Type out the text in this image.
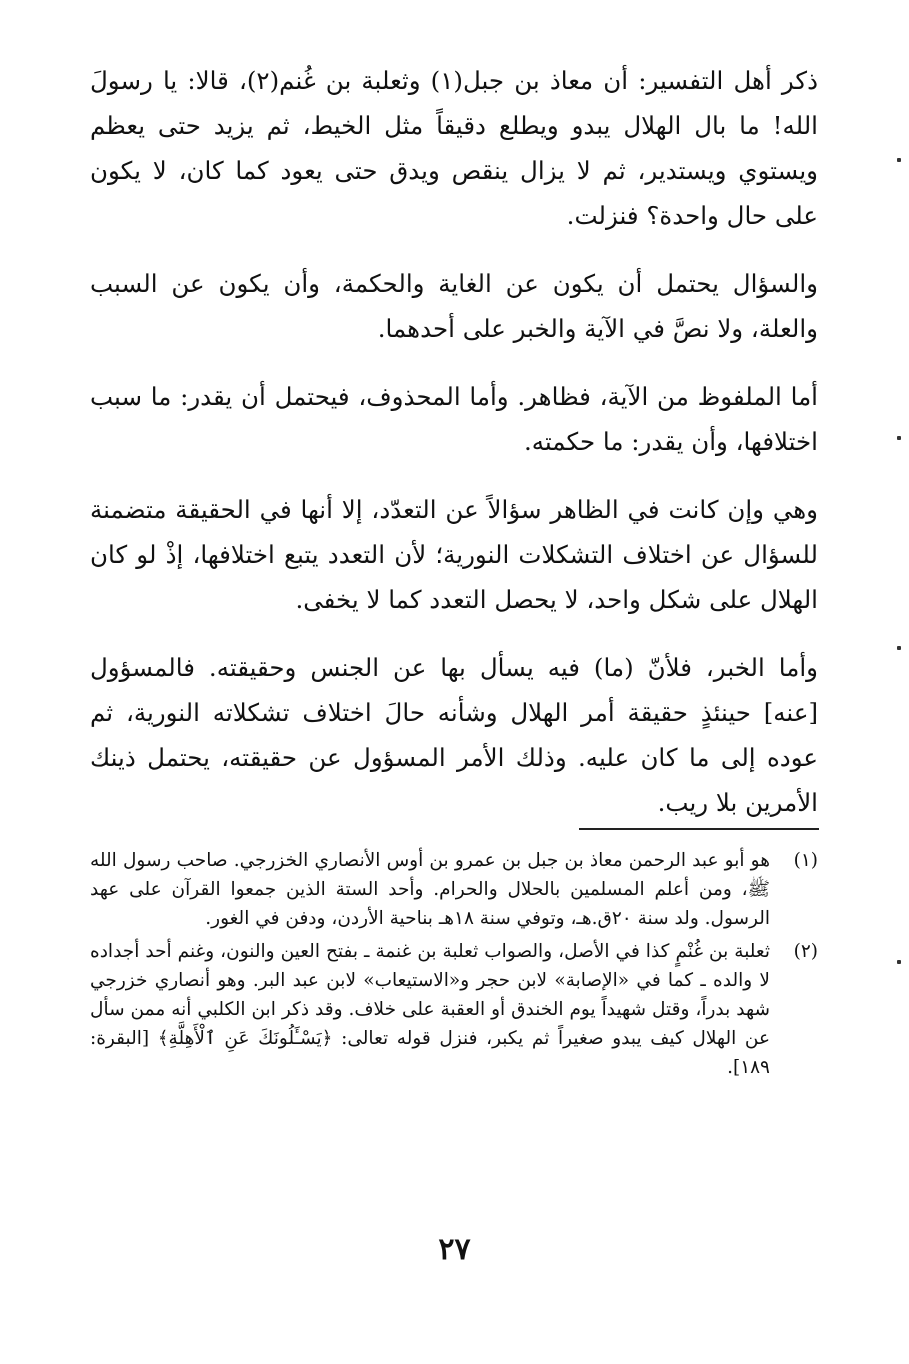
ذكر أهل التفسير: أن معاذ بن جبل(١) وثعلبة بن غُنم(٢)، قالا: يا رسولَ الله! ما بال الهلال يبدو ويطلع دقيقاً مثل الخيط، ثم يزيد حتى يعظم ويستوي ويستدير، ثم لا يزال ينقص ويدق حتى يعود كما كان، لا يكون على حال واحدة؟ فنزلت.

والسؤال يحتمل أن يكون عن الغاية والحكمة، وأن يكون عن السبب والعلة، ولا نصَّ في الآية والخبر على أحدهما.

أما الملفوظ من الآية، فظاهر. وأما المحذوف، فيحتمل أن يقدر: ما سبب اختلافها، وأن يقدر: ما حكمته.

وهي وإن كانت في الظاهر سؤالاً عن التعدّد، إلا أنها في الحقيقة متضمنة للسؤال عن اختلاف التشكلات النورية؛ لأن التعدد يتبع اختلافها، إذْ لو كان الهلال على شكل واحد، لا يحصل التعدد كما لا يخفى.

وأما الخبر، فلأنّ (ما) فيه يسأل بها عن الجنس وحقيقته. فالمسؤول [عنه] حينئذٍ حقيقة أمر الهلال وشأنه حالَ اختلاف تشكلاته النورية، ثم عوده إلى ما كان عليه. وذلك الأمر المسؤول عن حقيقته، يحتمل ذينك الأمرين بلا ريب.

(١)
هو أبو عبد الرحمن معاذ بن جبل بن عمرو بن أوس الأنصاري الخزرجي. صاحب رسول الله ﷺ، ومن أعلم المسلمين بالحلال والحرام. وأحد الستة الذين جمعوا القرآن على عهد الرسول. ولد سنة ٢٠ق.هـ، وتوفي سنة ١٨هـ بناحية الأردن، ودفن في الغور.
(٢)
ثعلبة بن غُنْمٍ كذا في الأصل، والصواب ثعلبة بن غنمة ـ بفتح العين والنون، وغنم أحد أجداده لا والده ـ كما في «الإصابة» لابن حجر و«الاستيعاب» لابن عبد البر. وهو أنصاري خزرجي شهد بدراً، وقتل شهيداً يوم الخندق أو العقبة على خلاف. وقد ذكر ابن الكلبي أنه ممن سأل عن الهلال كيف يبدو صغيراً ثم يكبر، فنزل قوله تعالى: ﴿يَسْـَٔلُونَكَ عَنِ ٱلْأَهِلَّةِ﴾ [البقرة: ١٨٩].
٢٧
